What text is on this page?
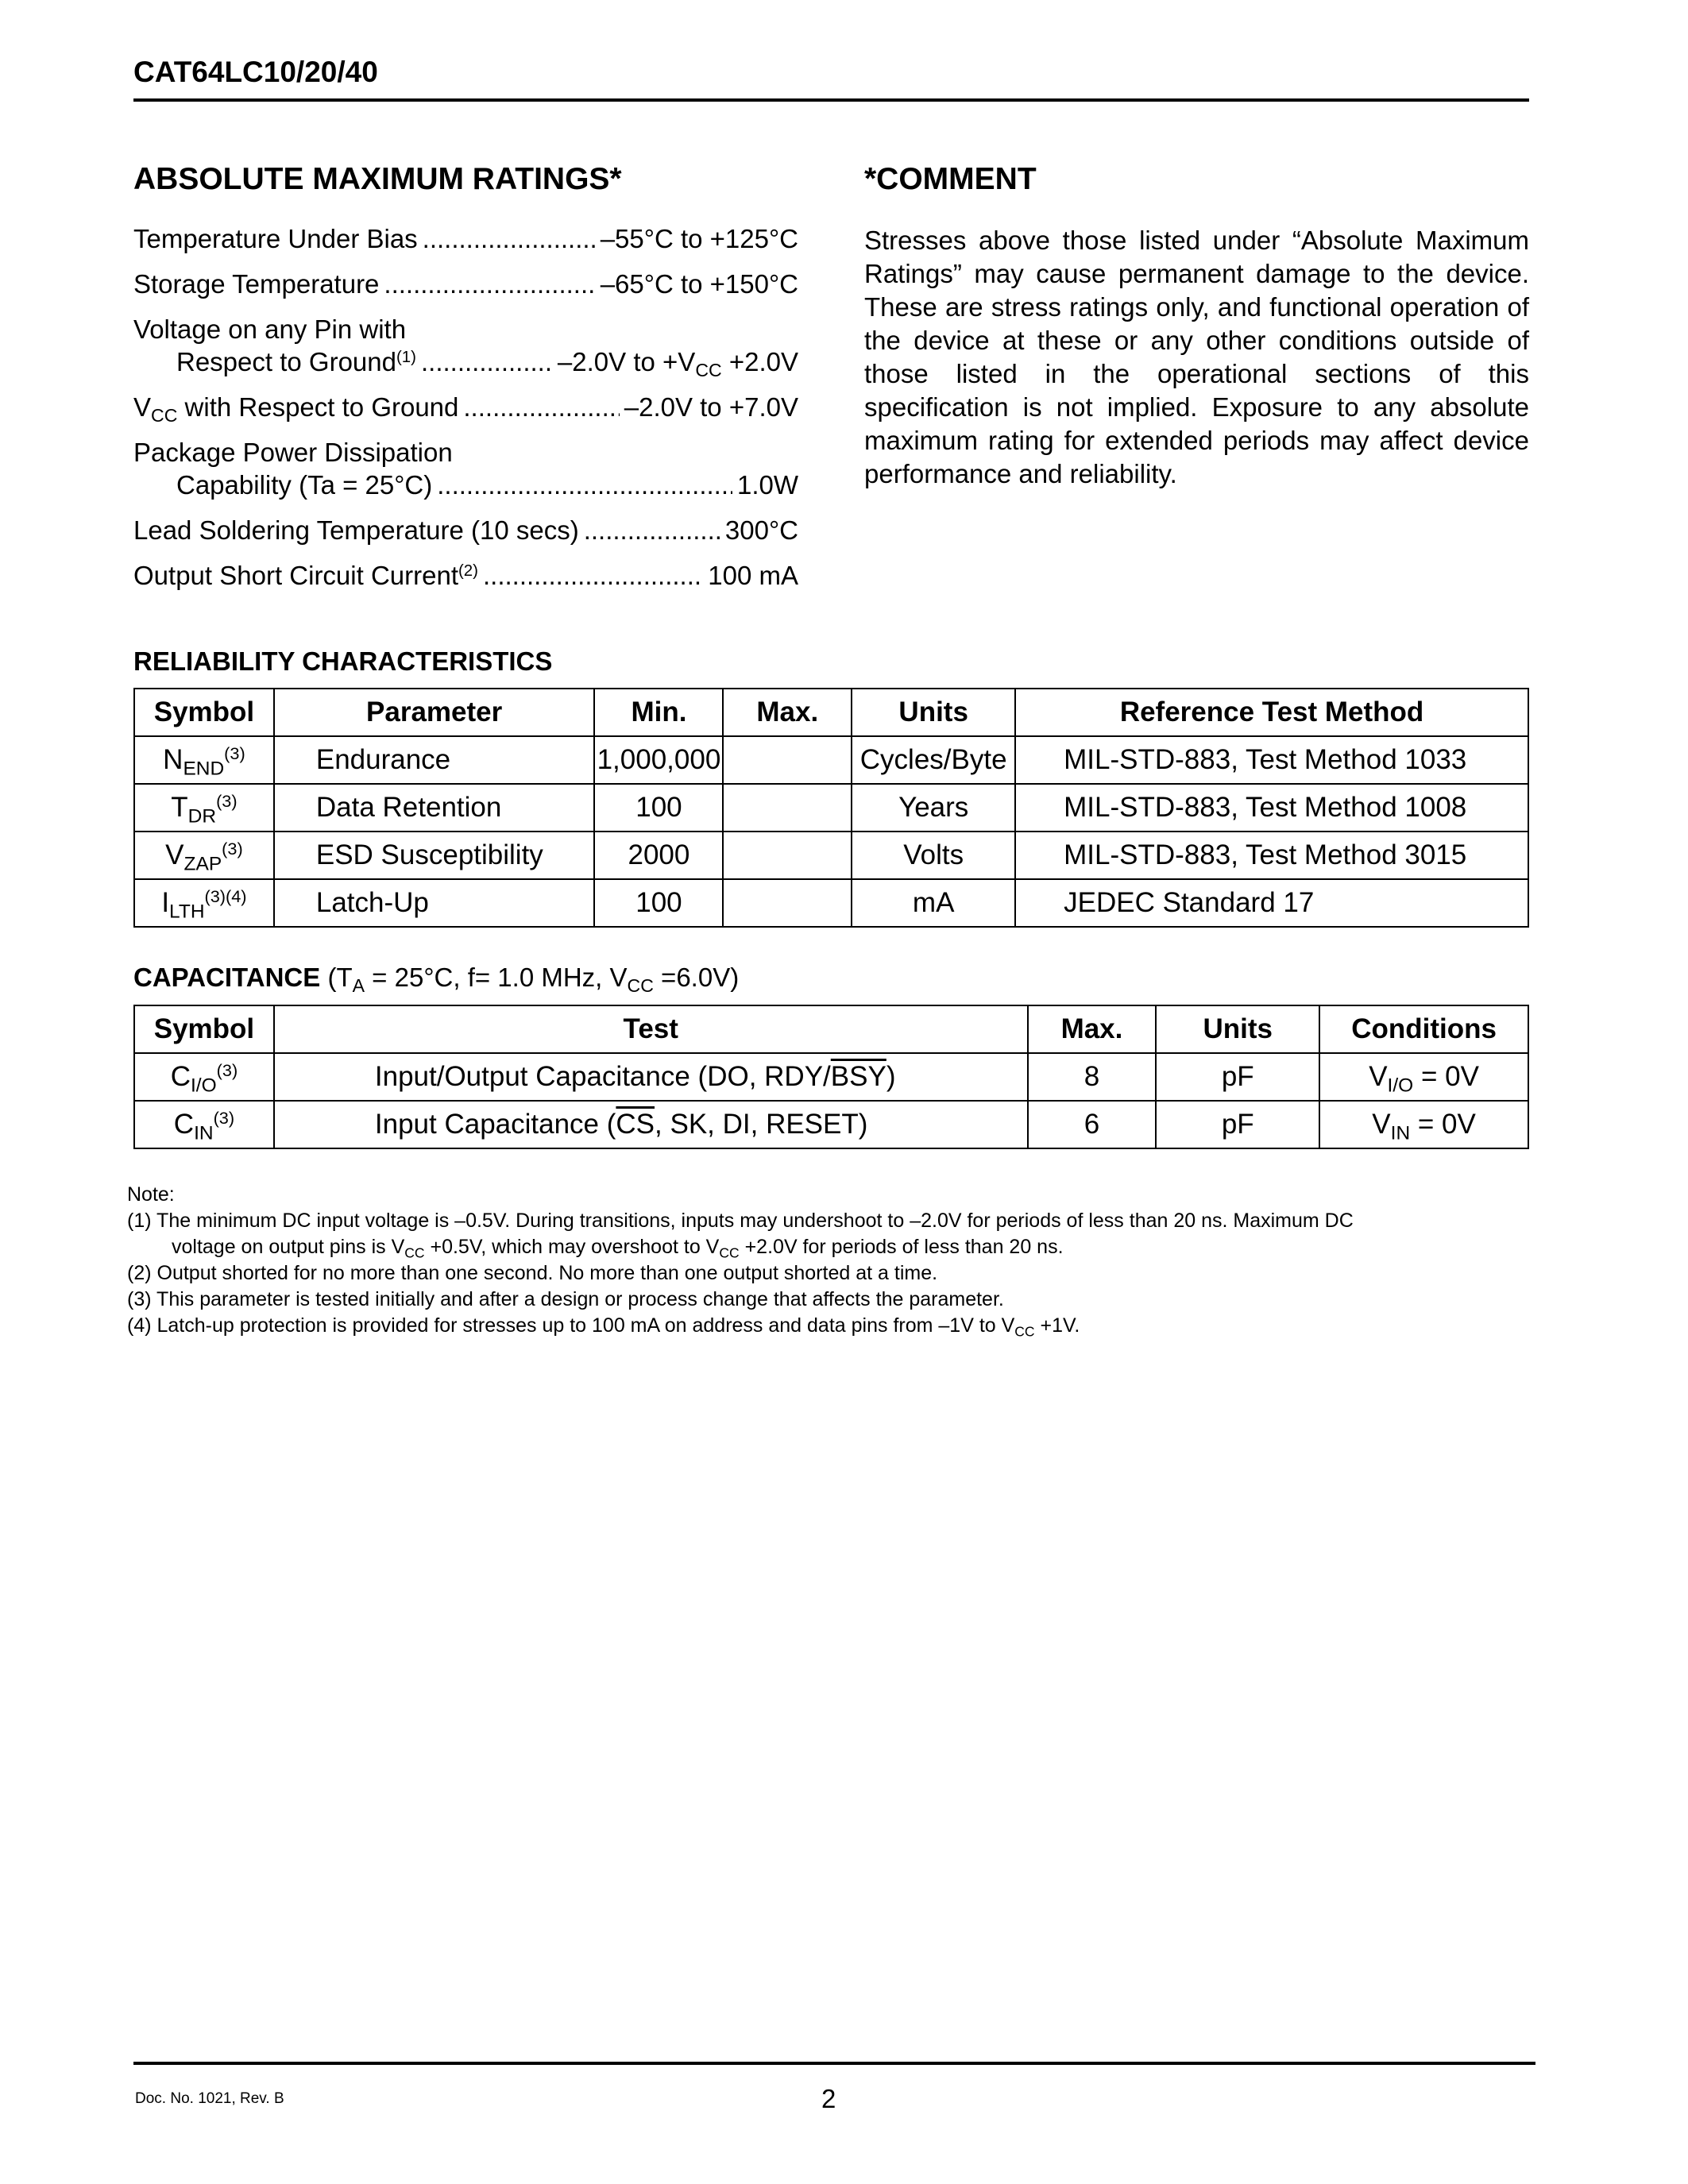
CAT64LC10/20/40
ABSOLUTE MAXIMUM RATINGS*
Temperature Under Bias .....	–55°C to +125°C
Storage Temperature .....	–65°C to +150°C
Voltage on any Pin with
Respect to Ground$^{(1)}$ .....	–2.0V to $+V_{CC} +2.0V$
$V_{CC}$ with Respect to Ground .....	–2.0V to +7.0V
Package Power Dissipation
Capability (Ta = 25°C) .....	1.0W
Lead Soldering Temperature (10 secs) .....	300°C
Output Short Circuit Current$^{(2)}$ .....	100 mA
*COMMENT
Stresses above those listed under “Absolute Maximum Ratings” may cause permanent damage to the device. These are stress ratings only, and functional operation of the device at these or any other conditions outside of those listed in the operational sections of this specification is not implied. Exposure to any absolute maximum rating for extended periods may affect device performance and reliability.
RELIABILITY CHARACTERISTICS
Symbol	Parameter	Min.	Max.	Units	Reference Test Method
$N_{END}^{(3)}$	Endurance	1,000,000		Cycles/Byte	MIL-STD-883, Test Method 1033
$T_{DR}^{(3)}$	Data Retention	100		Years	MIL-STD-883, Test Method 1008
$V_{ZAP}^{(3)}$	ESD Susceptibility	2000		Volts	MIL-STD-883, Test Method 3015
$I_{LTH}^{(3)(4)}$	Latch-Up	100		mA	JEDEC Standard 17
CAPACITANCE ($T_A = 25^\circ C$, f= 1.0 MHz, $V_{CC} =6.0V$)
Symbol	Test	Max.	Units	Conditions
$C_{I/O}^{(3)}$	Input/Output Capacitance (DO, RDY/$\overline{BSY}$)	8	pF	$V_{I/O} = 0V$
$C_{IN}^{(3)}$	Input Capacitance ($\overline{CS}$, SK, DI, RESET)	6	pF	$V_{IN} = 0V$
Note:
(1) The minimum DC input voltage is –0.5V. During transitions, inputs may undershoot to –2.0V for periods of less than 20 ns. Maximum DC
voltage on output pins is $V_{CC} +0.5V$, which may overshoot to $V_{CC} +2.0V$ for periods of less than 20 ns.
(2) Output shorted for no more than one second. No more than one output shorted at a time.
(3) This parameter is tested initially and after a design or process change that affects the parameter.
(4) Latch-up protection is provided for stresses up to 100 mA on address and data pins from –1V to $V_{CC} +1V$.
Doc. No. 1021, Rev. B	2
